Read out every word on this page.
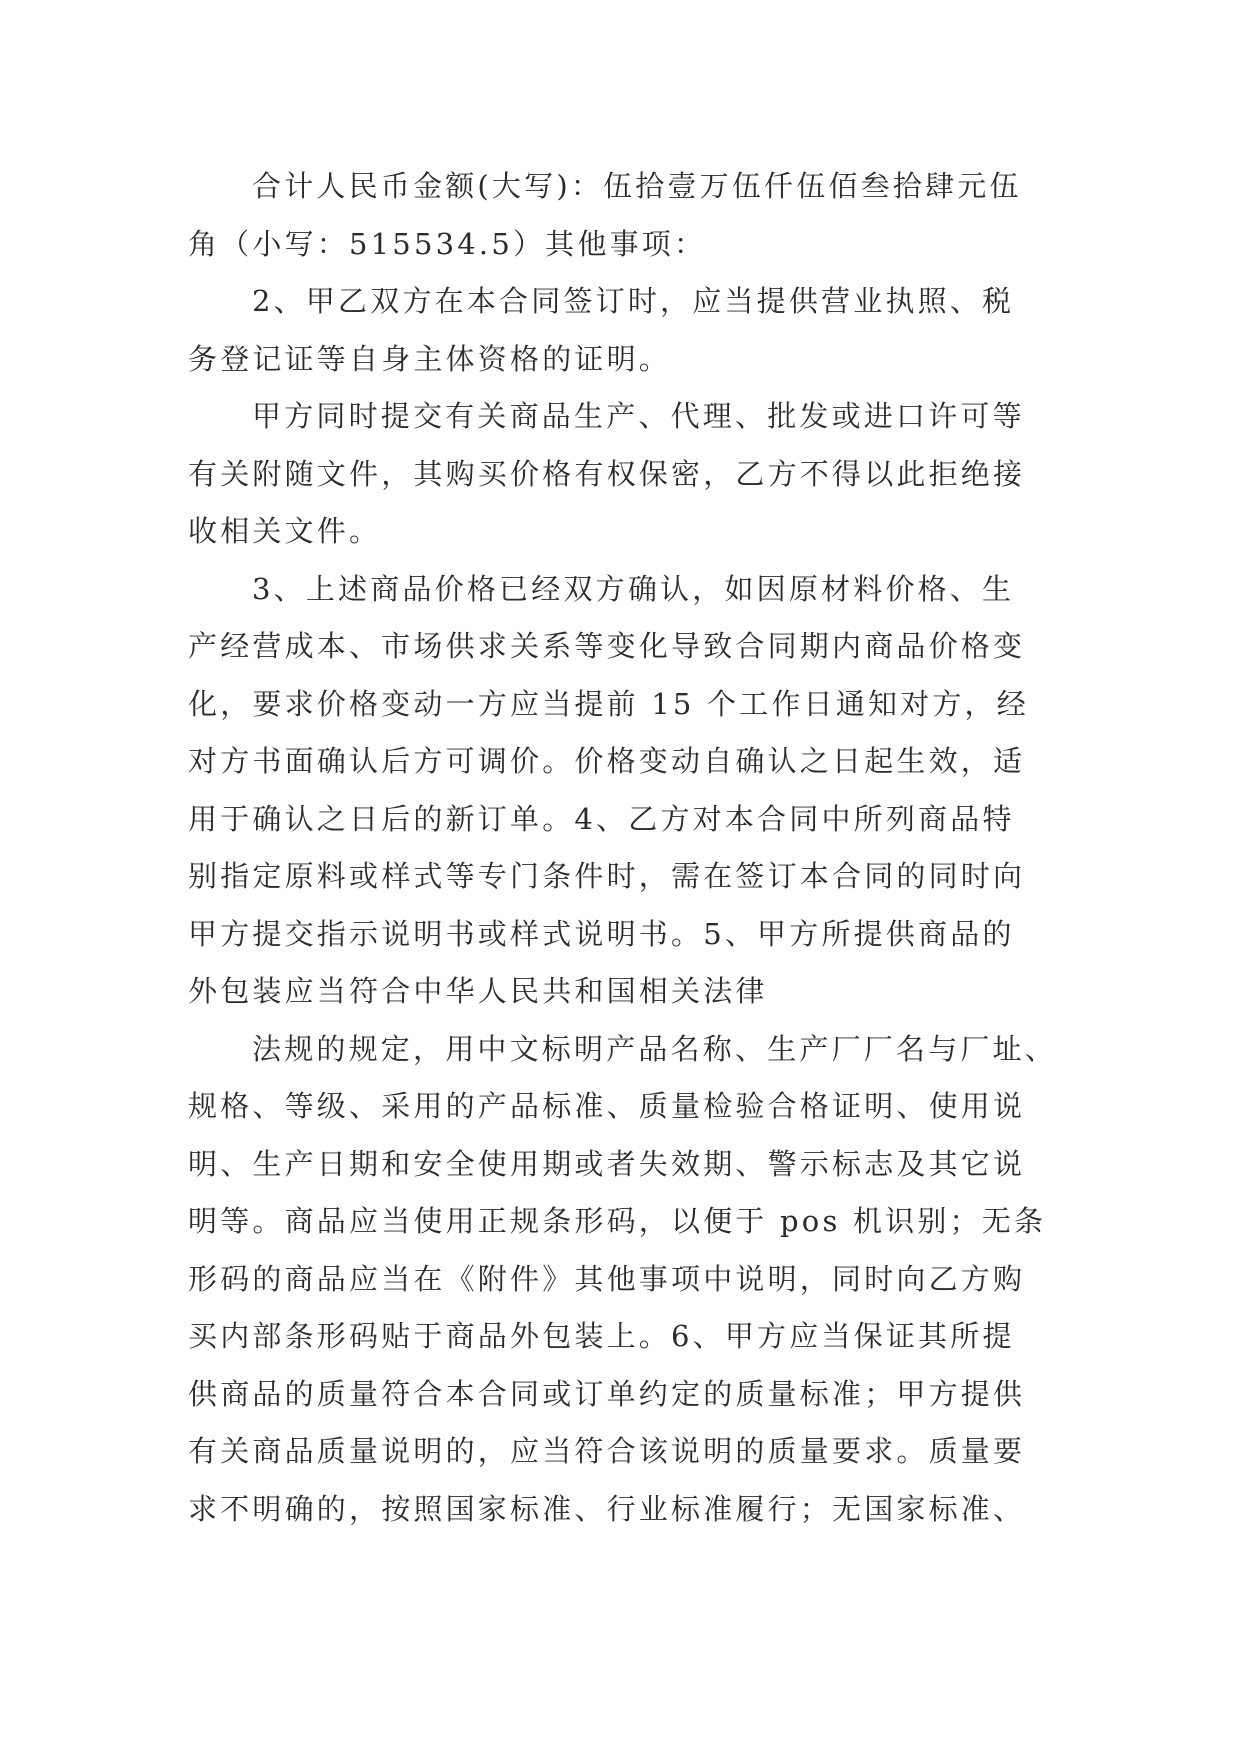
合计人民币金额(大写)：伍拾壹万伍仟伍佰叁拾肆元伍
角（小写：515534.5）其他事项：

2、甲乙双方在本合同签订时，应当提供营业执照、税
务登记证等自身主体资格的证明。

甲方同时提交有关商品生产、代理、批发或进口许可等
有关附随文件，其购买价格有权保密，乙方不得以此拒绝接
收相关文件。

3、上述商品价格已经双方确认，如因原材料价格、生
产经营成本、市场供求关系等变化导致合同期内商品价格变
化，要求价格变动一方应当提前 15 个工作日通知对方，经
对方书面确认后方可调价。价格变动自确认之日起生效，适
用于确认之日后的新订单。4、乙方对本合同中所列商品特
别指定原料或样式等专门条件时，需在签订本合同的同时向
甲方提交指示说明书或样式说明书。5、甲方所提供商品的
外包装应当符合中华人民共和国相关法律

法规的规定，用中文标明产品名称、生产厂厂名与厂址、
规格、等级、采用的产品标准、质量检验合格证明、使用说
明、生产日期和安全使用期或者失效期、警示标志及其它说
明等。商品应当使用正规条形码，以便于 pos 机识别；无条
形码的商品应当在《附件》其他事项中说明，同时向乙方购
买内部条形码贴于商品外包装上。6、甲方应当保证其所提
供商品的质量符合本合同或订单约定的质量标准；甲方提供
有关商品质量说明的，应当符合该说明的质量要求。质量要
求不明确的，按照国家标准、行业标准履行；无国家标准、
